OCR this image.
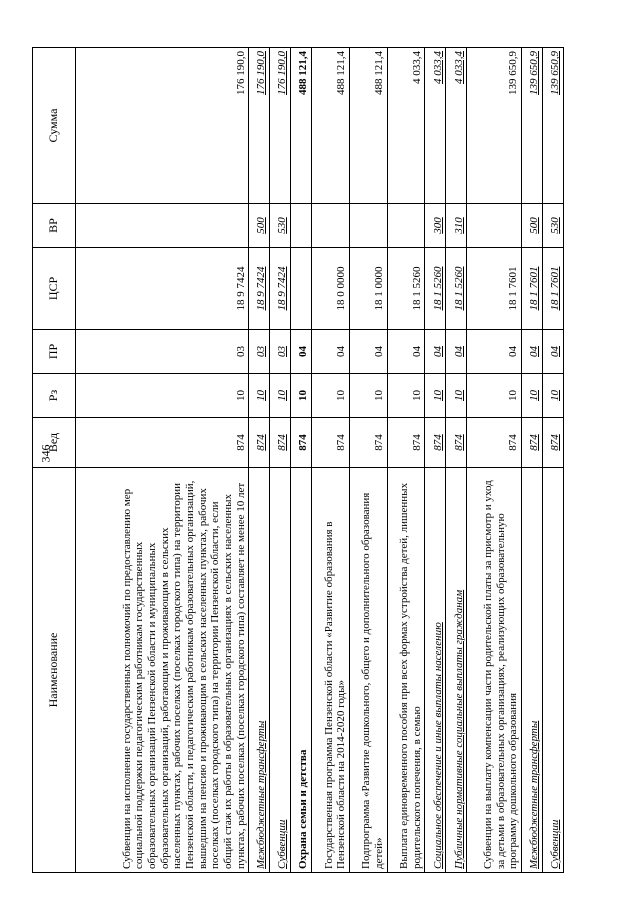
346
Наименование	Вед	Рз	ПР	ЦСР	ВР	Сумма
Субвенции на исполнение государственных полномочий по предоставлению мер социальной поддержки педагогическим работникам государственных образовательных организаций Пензенской области и муниципальных образовательных организаций, работающим и проживающим в сельских населенных пунктах, рабочих поселках (поселках городского типа) на территории Пензенской области, и педагогическим работникам образовательных организаций, вышедшим на пенсию и проживающим в сельских населенных пунктах, рабочих поселках (поселках городского типа) на территории Пензенской области, если общий стаж их работы в образовательных организациях в сельских населенных пунктах, рабочих поселках (поселках городского типа) составляет не менее 10 лет	874	10	03	18 9 7424		176 190,0
Межбюджетные трансферты	874	10	03	18 9 7424	500	176 190,0
Субвенции	874	10	03	18 9 7424	530	176 190,0
Охрана семьи и детства	874	10	04			488 121,4
Государственная программа Пензенской области «Развитие образования в Пензенской области на 2014-2020 годы»	874	10	04	18 0 0000		488 121,4
Подпрограмма «Развитие дошкольного, общего и дополнительного образования детей»	874	10	04	18 1 0000		488 121,4
Выплата единовременного пособия при всех формах устройства детей, лишенных родительского попечения, в семью	874	10	04	18 1 5260		4 033,4
Социальное обеспечение и иные выплаты населению	874	10	04	18 1 5260	300	4 033,4
Публичные нормативные социальные выплаты гражданам	874	10	04	18 1 5260	310	4 033,4
Субвенции на выплату компенсации части родительской платы за присмотр и уход за детьми в образовательных организациях, реализующих образовательную программу дошкольного образования	874	10	04	18 1 7601		139 650,9
Межбюджетные трансферты	874	10	04	18 1 7601	500	139 650,9
Субвенции	874	10	04	18 1 7601	530	139 650,9
